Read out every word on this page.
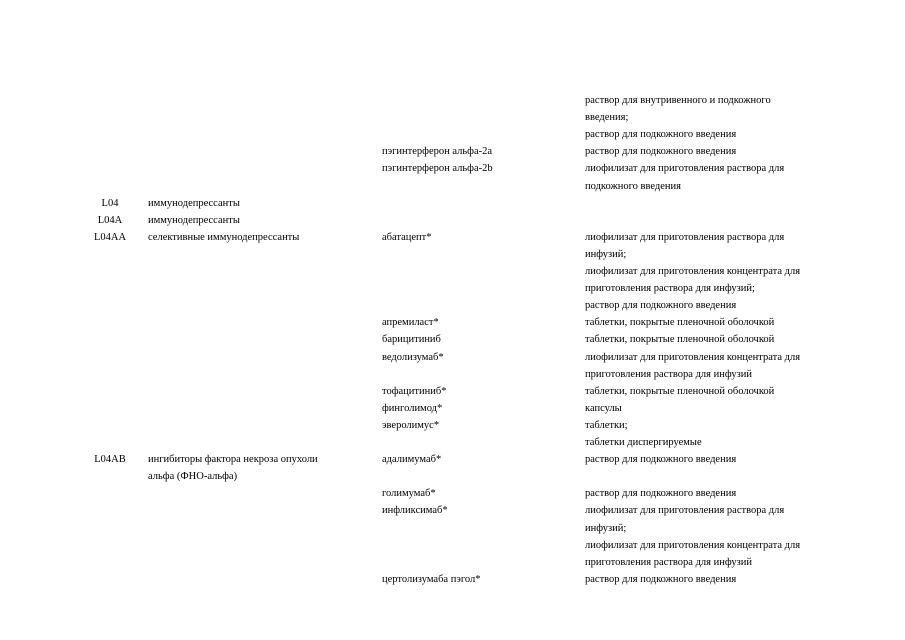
раствор для внутривенного и подкожного
введения;
раствор для подкожного введения
пэгинтерферон альфа-2а	раствор для подкожного введения
пэгинтерферон альфа-2b	лиофилизат для приготовления раствора для
подкожного введения
L04	иммунодепрессанты
L04A	иммунодепрессанты
L04AA	селективные иммунодепрессанты	абатацепт*	лиофилизат для приготовления раствора для
инфузий;
лиофилизат для приготовления концентрата для
приготовления раствора для инфузий;
раствор для подкожного введения
апремиласт*	таблетки, покрытые пленочной оболочкой
барицитиниб	таблетки, покрытые пленочной оболочкой
ведолизумаб*	лиофилизат для приготовления концентрата для
приготовления раствора для инфузий
тофацитиниб*	таблетки, покрытые пленочной оболочкой
финголимод*	капсулы
эверолимус*	таблетки;
таблетки диспергируемые
L04AB	ингибиторы фактора некроза опухоли	адалимумаб*	раствор для подкожного введения
альфа (ФНО-альфа)
голимумаб*	раствор для подкожного введения
инфликсимаб*	лиофилизат для приготовления раствора для
инфузий;
лиофилизат для приготовления концентрата для
приготовления раствора для инфузий
цертолизумаба пэгол*	раствор для подкожного введения
